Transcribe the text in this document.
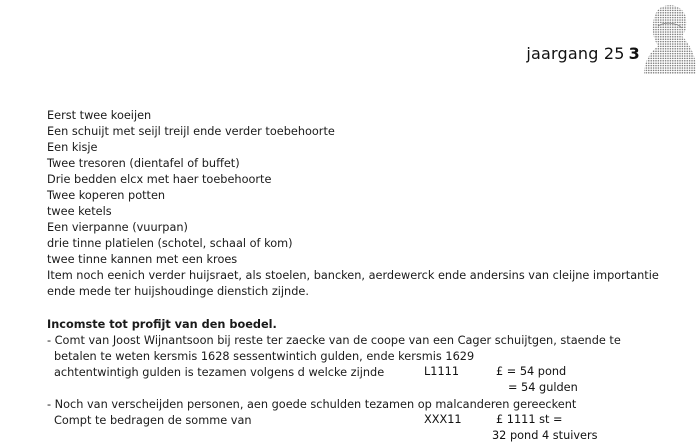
jaargang 25 3
Eerst twee koeijen
Een schuijt met seijl treijl ende verder toebehoorte
Een kisje
Twee tresoren (dientafel of buffet)
Drie bedden elcx met haer toebehoorte
Twee koperen potten
twee ketels
Een vierpanne (vuurpan)
drie tinne platielen (schotel, schaal of kom)
twee tinne kannen met een kroes
Item noch eenich verder huijsraet, als stoelen, bancken, aerdewerck ende andersins van cleijne importantie
ende mede ter huijshoudinge dienstich zijnde.
Incomste tot profijt van den boedel.
- Comt van Joost Wijnantsoon bij reste ter zaecke van de coope van een Cager schuijtgen, staende te
betalen te weten kersmis 1628 sessentwintich gulden, ende kersmis 1629
achtentwintigh gulden is tezamen volgens d welcke zijnde	L1111	£ = 54 pond
= 54 gulden
- Noch van verscheijden personen, aen goede schulden tezamen op malcanderen gereeckent
Compt te bedragen de somme van	XXX11	£ 1111 st =
32 pond 4 stuivers
